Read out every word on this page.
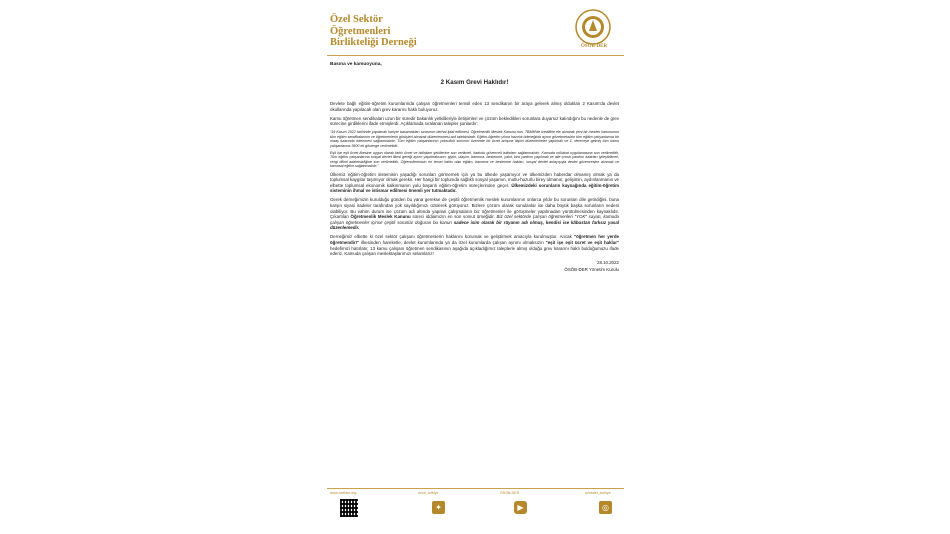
Özel Sektör
Öğretmenleri
Birlikteliği Derneği	ÖSÖB-DER

Basına ve kamuoyuna,

2 Kasım Grevi Haklıdır!

Devlete bağlı eğitim-öğretim kurumlarında çalışan öğretmenleri temsil eden 13 sendikanın bir araya gelerek almış oldukları 2 Kasım'da devlet okullarında yapılacak olan grev kararını haklı buluyoruz.

Kamu öğretmen sendikaları uzun bir süredir bakanlık yetkilileriyle iletişimleri ve çözüm bekledikleri sorunlara duyarsız kalındığını bu nedenle de grev sürecine girdiklerini ifade etmişlerdi. Açıklamada sıralanan talepler şunlardır:

"19 Kasım 2022 tarihinde yapılacak kariyer basamakları sınavının derhal iptal edilmesi, Öğretmenlik Meslek Kanunu'nun, TBMM'de ivedilikle ele alınarak yeni bir meslek kanununun tüm eğitim sendikalarının ve öğretmenlerin görüşleri alınarak düzenlenmesi acil talebimizdir. Eğitim-öğretim yılına hazırlık ödeneğinin ayrım gözetmeksizin tüm eğitim çalışanlarına bir maaş tutarında ödenmesi sağlanmalıdır. Tüm eğitim çalışanlarının yoksulluk sınırının üzerinde bir ücret artışına ilişkin düzenlemeler yapılmalı ve 1. dereceye gelmiş tüm kamu çalışanlarına 3600 ek gösterge verilmelidir.

Eşit işe eşit ücret ilkesine uygun olarak farklı ücret ve istihdam şekillerine son verilmeli, kadrolu güvenceli istihdam sağlanmalıdır. Kamuda mülakat uygulamasına son verilmelidir. Tüm eğitim çalışanlarına sosyal devlet ilkesi gereği ayrım yapılmaksızın; giyim, ulaşım, barınma, beslenme, yakıt, kira yardımı yapılmalı ve aile çocuk yardımı tutarları iyileştirilmeli, vergi dilimi adaletsizliğine son verilmelidir. Öğrencilerimizin en temel hakkı olan eğitim, barınma ve beslenme hakları, sosyal devlet anlayışıyla devlet güvencesine alınmalı ve kamusal eğitim sağlanmalıdır."

Ülkemiz eğitim-öğretim sisteminin yaşadığı sorunları görmemek için ya bu ülkede yaşamıyor ve ülkemizden haberdar olmamış olmak ya da toplumsal kaygılar taşımıyor olmak gerekir. Her hangi bir toplumda sağlıklı sosyal yaşamın, mutlu-huzurlu birey olmanın, gelişimin, aydınlanmanın ve elbette toplumsal ekonomik kalkınmanın yolu başarılı eğitim-öğretim süreçlerinden geçer. Ülkemizdeki sorunların kaynağında eğitim-öğretim sisteminin ihmal ve istismar edilmesi önemli yer tutmaktadır.

Gerek derneğimizin kurulduğu günden bu yana gerekse de çeşitli öğretmenlik meslek kurumlarının onlarca yıldır bu sorunları dile getirdiğini, buna karşın siyasi iradeler tarafından yok sayıldığımızı üzülerek görüyoruz. Bizlere çözüm olarak sunulanlar ise daha büyük başka sorunların nedeni olabiliyor. Bu vahim durum ise çözüm adı altında yapılan çalışmaların biz öğretmenler ile görüşmeler yapılmadan yürütülmesinden kaynaklıdır. Çıkartılan Öğretmenlik Meslek Kanunu süreci iddiamızın en son somut örneğidir. Biz özel sektörde çalışan öğretmenleri "YOK" sayan, kamuda çalışan öğretmenler içinse çeşitli sorunlar doğuran bu kanun sadece isim olarak bir rüyanın adı olmuş, kendisi ise kâbustan farksız yasal düzenlemedir.

Derneğimiz elbette ki özel sektör çalışanı öğretmenlerin haklarını korumak ve geliştirmek amacıyla kurulmuştur. Ancak "öğretmen her yerde öğretmendir!" ilkesinden hareketle, devlet kurumlarında ya da özel kurumlarda çalışan ayrımı olmaksızın "eşit işe eşit ücret ve eşit haklar" hedefimizi hatırlatır, 13 kamu çalışanı öğretmen sendikasının aşağıda açıkladığımız taleplerle almış olduğu grev kararını haklı bulduğumuzu ifade ederiz. Kamuda çalışan meslektaşlarımızı selamlarız!

28.10.2022
ÖSÖB-DER Yönetim Kurulu
www.ozelder.org	ozob_turkiye
✦
ÖSÖB-DER
▶
ozobder_turkiye
◎
